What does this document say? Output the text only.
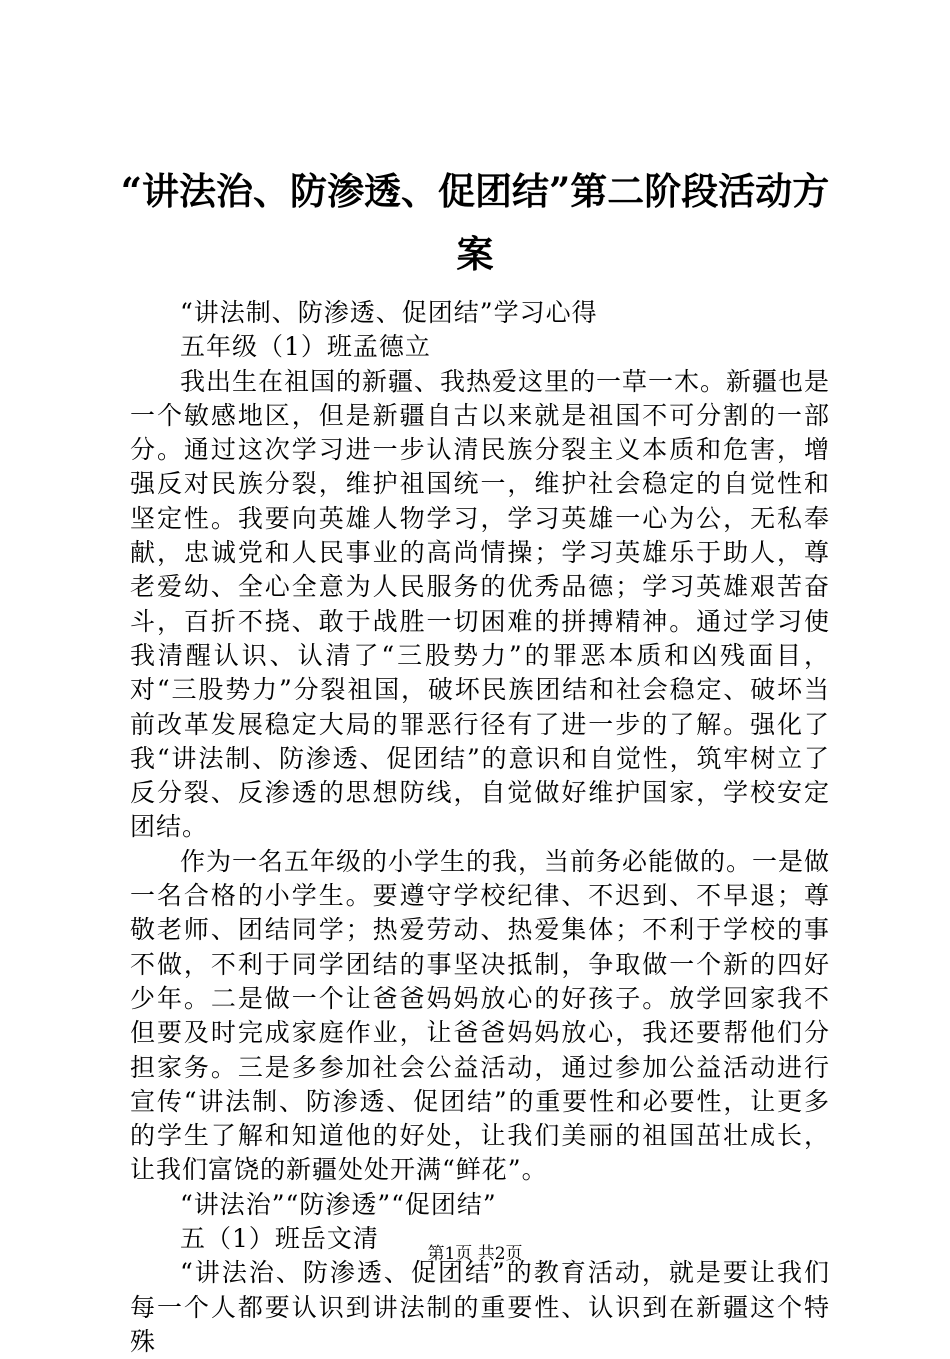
“讲法治、防渗透、促团结”第二阶段活动方案

“讲法制、防渗透、促团结”学习心得

五年级（1）班孟德立

我出生在祖国的新疆、我热爱这里的一草一木。新疆也是一个敏感地区，但是新疆自古以来就是祖国不可分割的一部分。通过这次学习进一步认清民族分裂主义本质和危害，增强反对民族分裂，维护祖国统一，维护社会稳定的自觉性和坚定性。我要向英雄人物学习，学习英雄一心为公，无私奉献，忠诚党和人民事业的高尚情操；学习英雄乐于助人，尊老爱幼、全心全意为人民服务的优秀品德；学习英雄艰苦奋斗，百折不挠、敢于战胜一切困难的拼搏精神。通过学习使我清醒认识、认清了“三股势力”的罪恶本质和凶残面目，对“三股势力”分裂祖国，破坏民族团结和社会稳定、破坏当前改革发展稳定大局的罪恶行径有了进一步的了解。强化了我“讲法制、防渗透、促团结”的意识和自觉性，筑牢树立了反分裂、反渗透的思想防线，自觉做好维护国家，学校安定团结。

作为一名五年级的小学生的我，当前务必能做的。一是做一名合格的小学生。要遵守学校纪律、不迟到、不早退；尊敬老师、团结同学；热爱劳动、热爱集体；不利于学校的事不做，不利于同学团结的事坚决抵制，争取做一个新的四好少年。二是做一个让爸爸妈妈放心的好孩子。放学回家我不但要及时完成家庭作业，让爸爸妈妈放心，我还要帮他们分担家务。三是多参加社会公益活动，通过参加公益活动进行宣传“讲法制、防渗透、促团结”的重要性和必要性，让更多的学生了解和知道他的好处，让我们美丽的祖国茁壮成长，让我们富饶的新疆处处开满“鲜花”。

“讲法治”“防渗透”“促团结”

五（1）班岳文清

“讲法治、防渗透、促团结”的教育活动，就是要让我们每一个人都要认识到讲法制的重要性、认识到在新疆这个特殊

第1页 共2页
